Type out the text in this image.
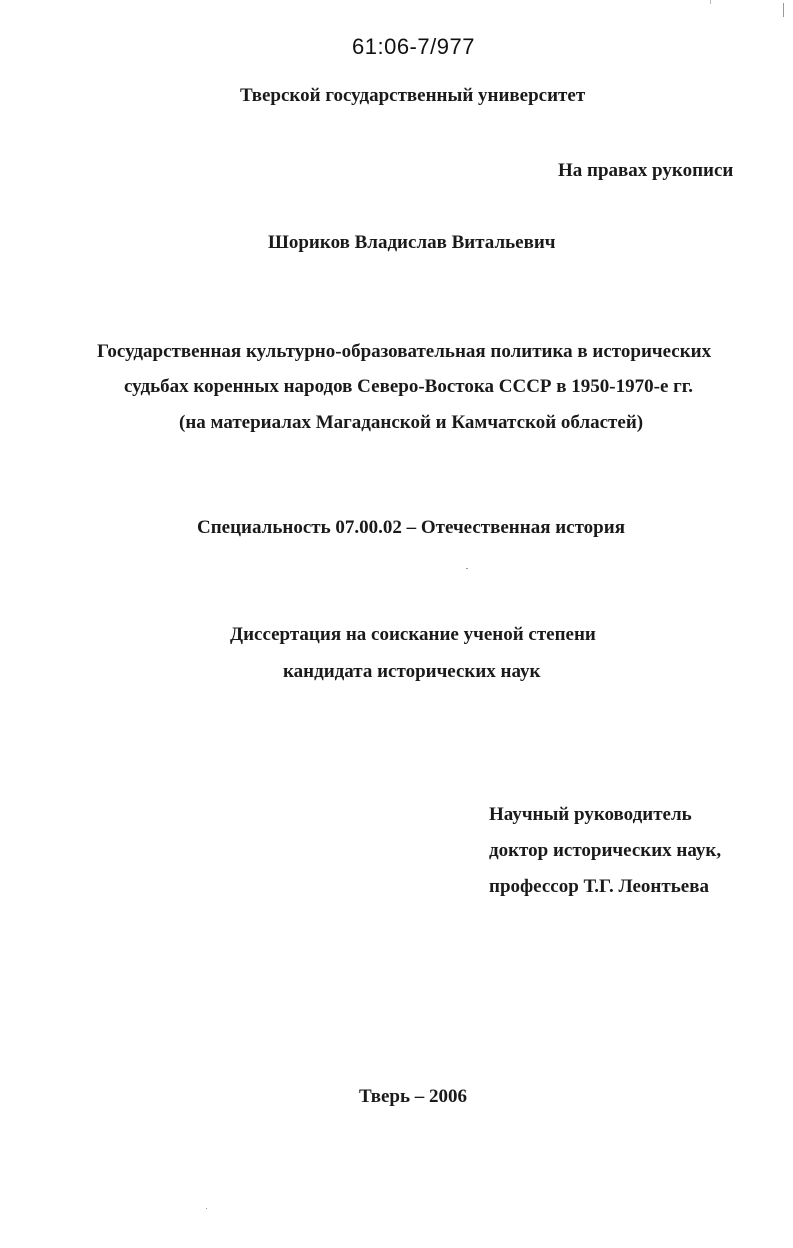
61:06-7/977
Тверской государственный университет
На правах рукописи
Шориков Владислав Витальевич
Государственная культурно-образовательная политика в исторических
судьбах коренных народов Северо-Востока СССР в 1950-1970-е гг.
(на материалах Магаданской и Камчатской областей)
Специальность 07.00.02 – Отечественная история
Диссертация на соискание ученой степени
кандидата исторических наук
Научный руководитель
доктор исторических наук,
профессор Т.Г. Леонтьева
Тверь – 2006
